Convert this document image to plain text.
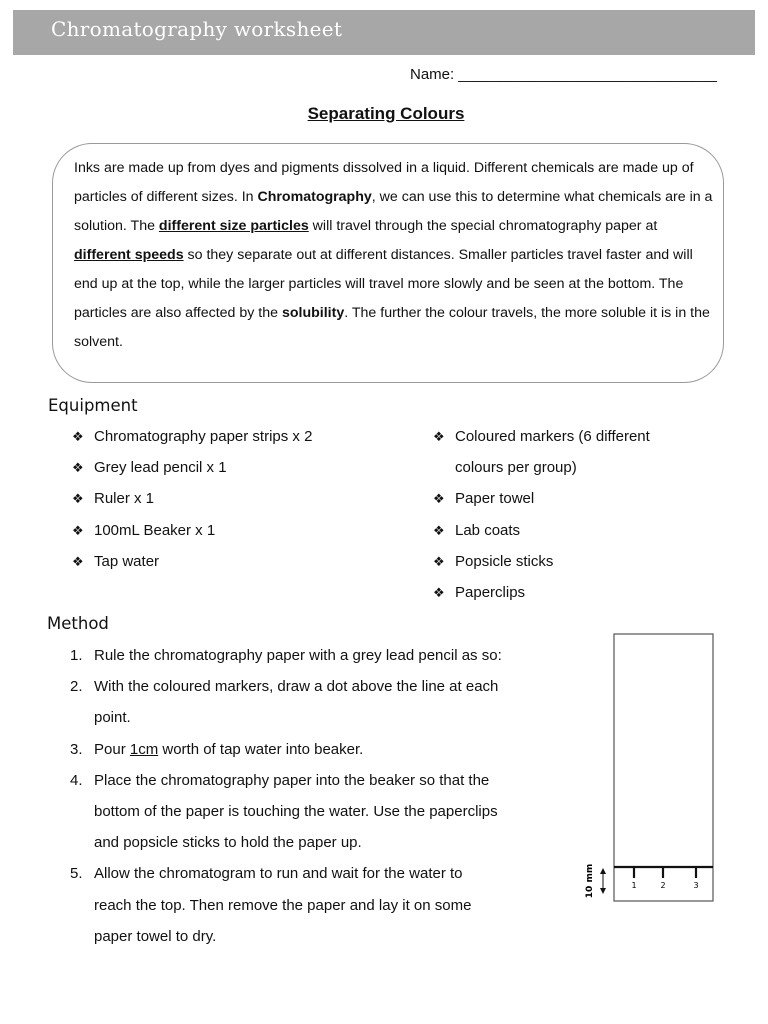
Chromatography worksheet
Name: _______________________________
Separating Colours

Inks are made up from dyes and pigments dissolved in a liquid. Different chemicals are made up of particles of different sizes. In Chromatography, we can use this to determine what chemicals are in a solution. The different size particles will travel through the special chromatography paper at different speeds so they separate out at different distances. Smaller particles travel faster and will end up at the top, while the larger particles will travel more slowly and be seen at the bottom. The particles are also affected by the solubility. The further the colour travels, the more soluble it is in the solvent.

Equipment
❖ Chromatography paper strips x 2
❖ Grey lead pencil x 1
❖ Ruler x 1
❖ 100mL Beaker x 1
❖ Tap water
❖ Coloured markers (6 different
colours per group)
❖ Paper towel
❖ Lab coats
❖ Popsicle sticks
❖ Paperclips
Method
1. Rule the chromatography paper with a grey lead pencil as so:
2. With the coloured markers, draw a dot above the line at each
point.
3. Pour 1cm worth of tap water into beaker.
4. Place the chromatography paper into the beaker so that the
bottom of the paper is touching the water. Use the paperclips
and popsicle sticks to hold the paper up.
5. Allow the chromatogram to run and wait for the water to
reach the top. Then remove the paper and lay it on some
paper towel to dry.
1	2	3
10 mm
